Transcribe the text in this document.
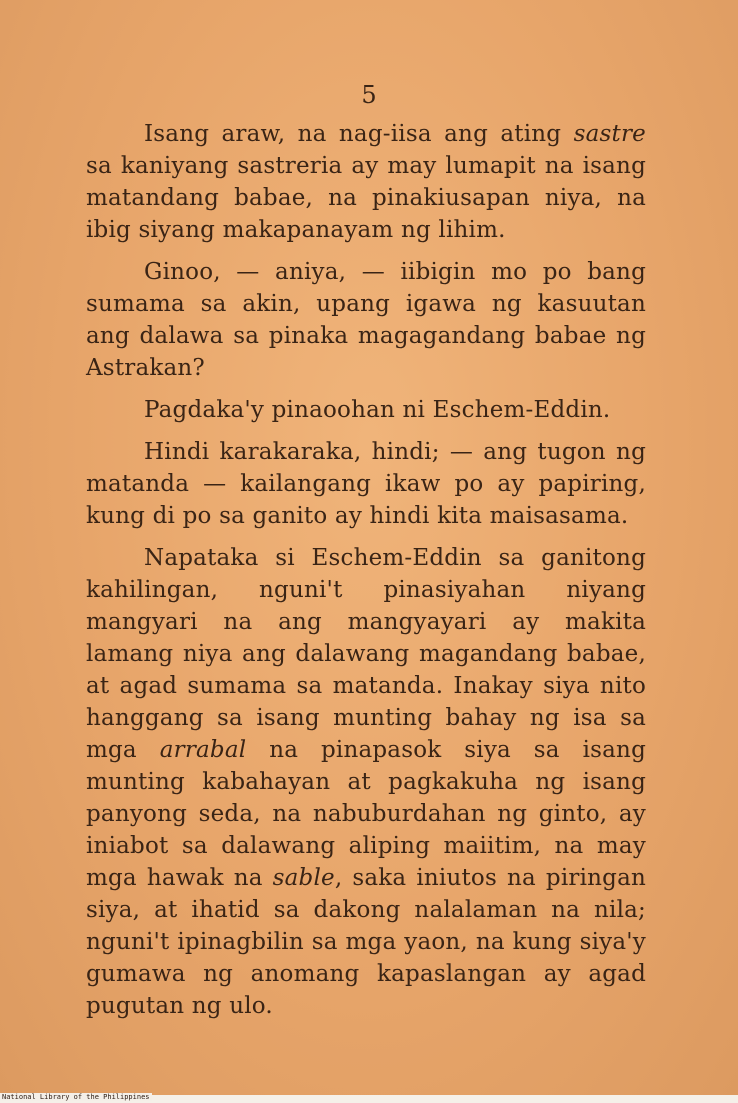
5

Isang araw, na nag-iisa ang ating sastre sa kaniyang sastreria ay may lumapit na isang matandang babae, na pinakiusapan niya, na ibig siyang makapanayam ng lihim.

Ginoo, — aniya, — iibigin mo po bang sumama sa akin, upang igawa ng kasuutan ang dalawa sa pinaka magagandang babae ng Astrakan?

Pagdaka'y pinaoohan ni Eschem-Eddin.

Hindi karakaraka, hindi; — ang tugon ng matanda — kailangang ikaw po ay papiring, kung di po sa ganito ay hindi kita maisasama.

Napataka si Eschem-Eddin sa ganitong kahilingan, nguni't pinasiyahan niyang mangyari na ang mangyayari ay makita lamang niya ang dalawang magandang babae, at agad sumama sa matanda. Inakay siya nito hanggang sa isang munting bahay ng isa sa mga arrabal na pinapasok siya sa isang munting kabahayan at pagkakuha ng isang panyong seda, na nabuburdahan ng ginto, ay iniabot sa dalawang aliping maiitim, na may mga hawak na sable, saka iniutos na piringan siya, at ihatid sa dakong nalalaman na nila; nguni't ipinagbilin sa mga yaon, na kung siya'y gumawa ng anomang kapaslangan ay agad pugutan ng ulo.

National Library of the Philippines
